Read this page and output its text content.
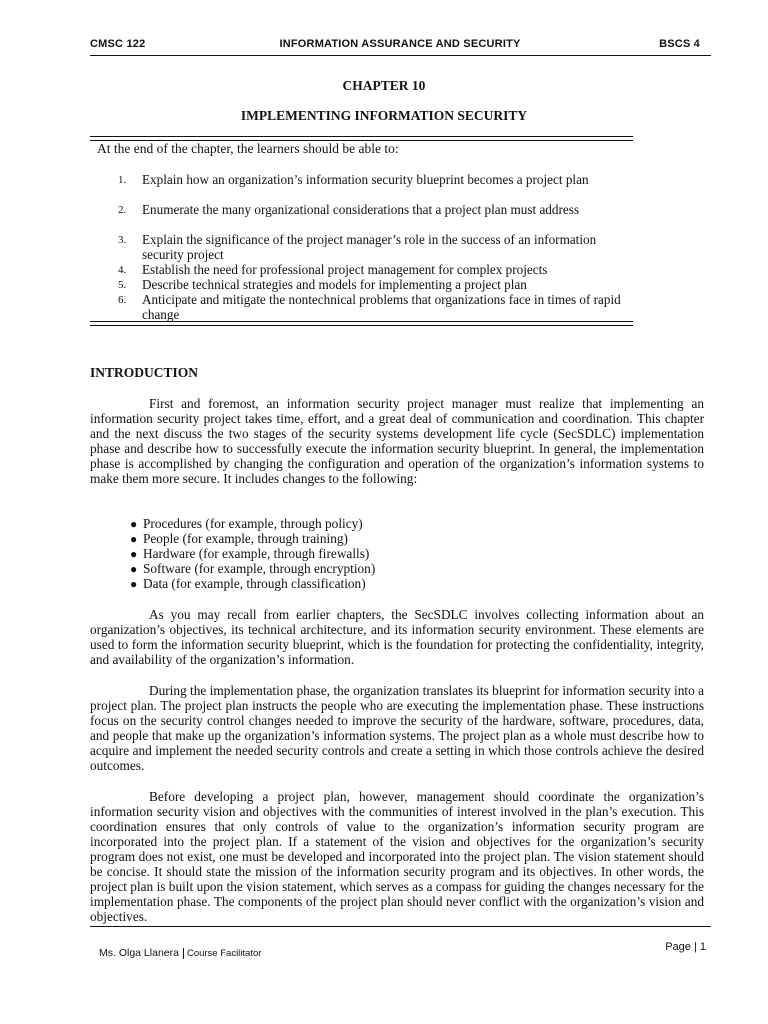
CMSC 122	INFORMATION ASSURANCE AND SECURITY	BSCS 4
CHAPTER 10
IMPLEMENTING INFORMATION SECURITY
At the end of the chapter, the learners should be able to:
1. Explain how an organization’s information security blueprint becomes a project plan
2. Enumerate the many organizational considerations that a project plan must address
3. Explain the significance of the project manager’s role in the success of an information security project
4. Establish the need for professional project management for complex projects
5. Describe technical strategies and models for implementing a project plan
6. Anticipate and mitigate the nontechnical problems that organizations face in times of rapid change
INTRODUCTION

First and foremost, an information security project manager must realize that implementing an information security project takes time, effort, and a great deal of communication and coordination. This chapter and the next discuss the two stages of the security systems development life cycle (SecSDLC) implementation phase and describe how to successfully execute the information security blueprint. In general, the implementation phase is accomplished by changing the configuration and operation of the organization’s information systems to make them more secure. It includes changes to the following:

● Procedures (for example, through policy)
● People (for example, through training)
● Hardware (for example, through firewalls)
● Software (for example, through encryption)
● Data (for example, through classification)

As you may recall from earlier chapters, the SecSDLC involves collecting information about an organization’s objectives, its technical architecture, and its information security environment. These elements are used to form the information security blueprint, which is the foundation for protecting the confidentiality, integrity, and availability of the organization’s information.

During the implementation phase, the organization translates its blueprint for information security into a project plan. The project plan instructs the people who are executing the implementation phase. These instructions focus on the security control changes needed to improve the security of the hardware, software, procedures, data, and people that make up the organization’s information systems. The project plan as a whole must describe how to acquire and implement the needed security controls and create a setting in which those controls achieve the desired outcomes.

Before developing a project plan, however, management should coordinate the organization’s information security vision and objectives with the communities of interest involved in the plan’s execution. This coordination ensures that only controls of value to the organization’s information security program are incorporated into the project plan. If a statement of the vision and objectives for the organization’s security program does not exist, one must be developed and incorporated into the project plan. The vision statement should be concise. It should state the mission of the information security program and its objectives. In other words, the project plan is built upon the vision statement, which serves as a compass for guiding the changes necessary for the implementation phase. The components of the project plan should never conflict with the organization’s vision and objectives.

Ms. Olga Llanera Course Facilitator
Page | 1
